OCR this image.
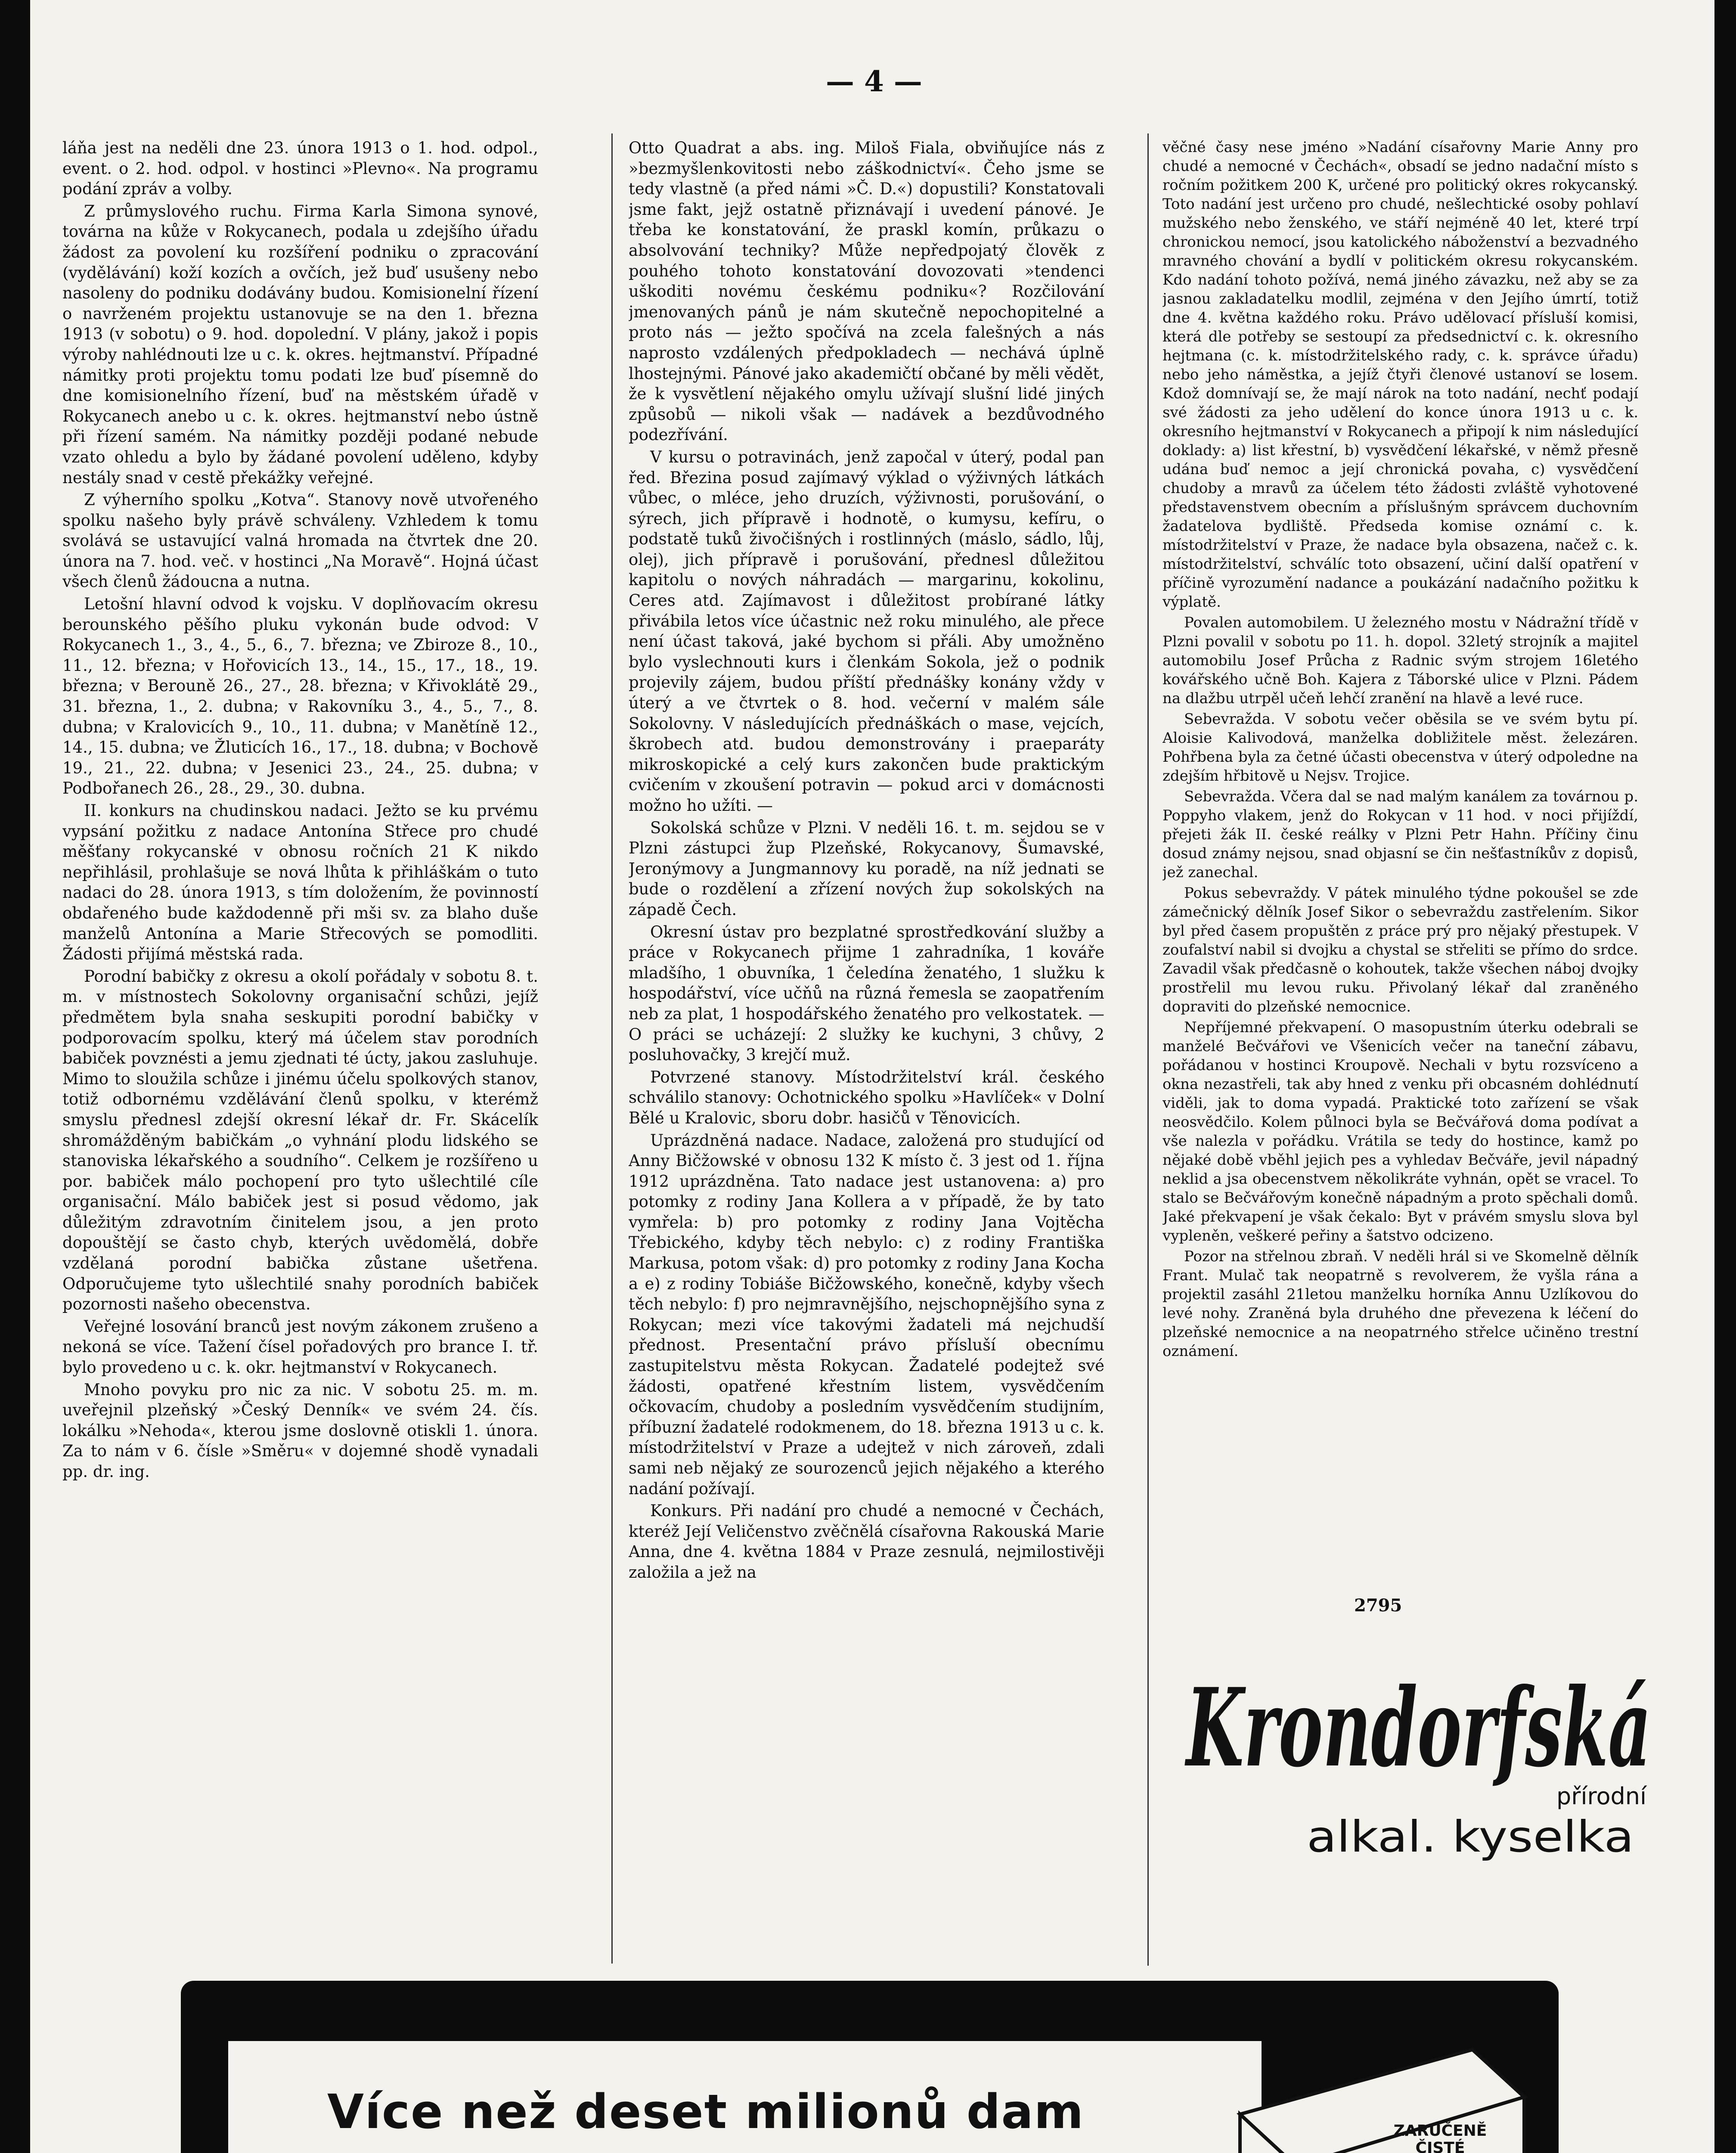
— 4 —

láňa jest na neděli dne 23. února 1913 o 1. hod. odpol., event. o 2. hod. odpol. v hostinci »Plevno«. Na programu podání zpráv a volby.

Z průmyslového ruchu. Firma Karla Simona synové, továrna na kůže v Rokycanech, podala u zdejšího úřadu žádost za povolení ku rozšíření podniku o zpracování (vydělávání) koží kozích a ovčích, jež buď usušeny nebo nasoleny do podniku dodávány budou. Komisionelní řízení o navrženém projektu ustanovuje se na den 1. března 1913 (v sobotu) o 9. hod. dopolední. V plány, jakož i popis výroby nahlédnouti lze u c. k. okres. hejtmanství. Případné námitky proti projektu tomu podati lze buď písemně do dne komisionelního řízení, buď na městském úřadě v Rokycanech anebo u c. k. okres. hejtmanství nebo ústně při řízení samém. Na námitky později podané nebude vzato ohledu a bylo by žádané povolení uděleno, kdyby nestály snad v cestě překážky veřejné.

Z výherního spolku „Kotva“. Stanovy nově utvořeného spolku našeho byly právě schváleny. Vzhledem k tomu svolává se ustavující valná hromada na čtvrtek dne 20. února na 7. hod. več. v hostinci „Na Moravě“. Hojná účast všech členů žádoucna a nutna.

Letošní hlavní odvod k vojsku. V doplňovacím okresu berounského pěšího pluku vykonán bude odvod: V Rokycanech 1., 3., 4., 5., 6., 7. března; ve Zbiroze 8., 10., 11., 12. března; v Hořovicích 13., 14., 15., 17., 18., 19. března; v Berouně 26., 27., 28. března; v Křivoklátě 29., 31. března, 1., 2. dubna; v Rakovníku 3., 4., 5., 7., 8. dubna; v Kralovicích 9., 10., 11. dubna; v Manětíně 12., 14., 15. dubna; ve Žluticích 16., 17., 18. dubna; v Bochově 19., 21., 22. dubna; v Jesenici 23., 24., 25. dubna; v Podbořanech 26., 28., 29., 30. dubna.

II. konkurs na chudinskou nadaci. Ježto se ku prvému vypsání požitku z nadace Antonína Střece pro chudé měšťany rokycanské v obnosu ročních 21 K nikdo nepřihlásil, prohlašuje se nová lhůta k přihláškám o tuto nadaci do 28. února 1913, s tím doložením, že povinností obdařeného bude každodenně při mši sv. za blaho duše manželů Antonína a Marie Střecových se pomodliti. Žádosti přijímá městská rada.

Porodní babičky z okresu a okolí pořádaly v sobotu 8. t. m. v místnostech Sokolovny organisační schůzi, jejíž předmětem byla snaha seskupiti porodní babičky v podporovacím spolku, který má účelem stav porodních babiček povznésti a jemu zjednati té úcty, jakou zasluhuje. Mimo to sloužila schůze i jinému účelu spolkových stanov, totiž odbornému vzdělávání členů spolku, v kterémž smyslu přednesl zdejší okresní lékař dr. Fr. Skácelík shromážděným babičkám „o vyhnání plodu lidského se stanoviska lékařského a soudního“. Celkem je rozšířeno u por. babiček málo pochopení pro tyto ušlechtilé cíle organisační. Málo babiček jest si posud vědomo, jak důležitým zdravotním činitelem jsou, a jen proto dopouštějí se často chyb, kterých uvědomělá, dobře vzdělaná porodní babička zůstane ušetřena. Odporučujeme tyto ušlechtilé snahy porodních babiček pozornosti našeho obecenstva.

Veřejné losování branců jest novým zákonem zrušeno a nekoná se více. Tažení čísel pořadových pro brance I. tř. bylo provedeno u c. k. okr. hejtmanství v Rokycanech.

Mnoho povyku pro nic za nic. V sobotu 25. m. m. uveřejnil plzeňský »Český Denník« ve svém 24. čís. lokálku »Nehoda«, kterou jsme doslovně otiskli 1. února. Za to nám v 6. čísle »Směru« v dojemné shodě vynadali pp. dr. ing.

Otto Quadrat a abs. ing. Miloš Fiala, obviňujíce nás z »bezmyšlenkovitosti nebo záškodnictví«. Čeho jsme se tedy vlastně (a před námi »Č. D.«) dopustili? Konstatovali jsme fakt, jejž ostatně přiznávají i uvedení pánové. Je třeba ke konstatování, že praskl komín, průkazu o absolvování techniky? Může nepředpojatý člověk z pouhého tohoto konstatování dovozovati »tendenci uškoditi novému českému podniku«? Rozčilování jmenovaných pánů je nám skutečně nepochopitelné a proto nás — ježto spočívá na zcela falešných a nás naprosto vzdálených předpokladech — nechává úplně lhostejnými. Pánové jako akademičtí občané by měli vědět, že k vysvětlení nějakého omylu užívají slušní lidé jiných způsobů — nikoli však — nadávek a bezdůvodného podezřívání.

V kursu o potravinách, jenž započal v úterý, podal pan řed. Březina posud zajímavý výklad o výživných látkách vůbec, o mléce, jeho druzích, výživnosti, porušování, o sýrech, jich přípravě i hodnotě, o kumysu, kefíru, o podstatě tuků živočišných i rostlinných (máslo, sádlo, lůj, olej), jich přípravě i porušování, přednesl důležitou kapitolu o nových náhradách — margarinu, kokolinu, Ceres atd. Zajímavost i důležitost probírané látky přivábila letos více účastnic než roku minulého, ale přece není účast taková, jaké bychom si přáli. Aby umožněno bylo vyslechnouti kurs i členkám Sokola, jež o podnik projevily zájem, budou příští přednášky konány vždy v úterý a ve čtvrtek o 8. hod. večerní v malém sále Sokolovny. V následujících přednáškách o mase, vejcích, škrobech atd. budou demonstrovány i praeparáty mikroskopické a celý kurs zakončen bude praktickým cvičením v zkoušení potravin — pokud arci v domácnosti možno ho užíti. —

Sokolská schůze v Plzni. V neděli 16. t. m. sejdou se v Plzni zástupci žup Plzeňské, Rokycanovy, Šumavské, Jeronýmovy a Jungmannovy ku poradě, na níž jednati se bude o rozdělení a zřízení nových žup sokolských na západě Čech.

Okresní ústav pro bezplatné sprostředkování služby a práce v Rokycanech přijme 1 zahradníka, 1 kováře mladšího, 1 obuvníka, 1 čeledína ženatého, 1 služku k hospodářství, více učňů na různá řemesla se zaopatřením neb za plat, 1 hospodářského ženatého pro velkostatek. — O práci se ucházejí: 2 služky ke kuchyni, 3 chůvy, 2 posluhovačky, 3 krejčí muž.

Potvrzené stanovy. Místodržitelství král. českého schválilo stanovy: Ochotnického spolku »Havlíček« v Dolní Bělé u Kralovic, sboru dobr. hasičů v Těnovicích.

Uprázdněná nadace. Nadace, založená pro studující od Anny Bičžowské v obnosu 132 K místo č. 3 jest od 1. října 1912 uprázdněna. Tato nadace jest ustanovena: a) pro potomky z rodiny Jana Kollera a v případě, že by tato vymřela: b) pro potomky z rodiny Jana Vojtěcha Třebického, kdyby těch nebylo: c) z rodiny Františka Markusa, potom však: d) pro potomky z rodiny Jana Kocha a e) z rodiny Tobiáše Bičžowského, konečně, kdyby všech těch nebylo: f) pro nejmravnějšího, nejschopnějšího syna z Rokycan; mezi více takovými žadateli má nejchudší přednost. Presentační právo přísluší obecnímu zastupitelstvu města Rokycan. Žadatelé podejtež své žádosti, opatřené křestním listem, vysvědčením očkovacím, chudoby a posledním vysvědčením studijním, příbuzní žadatelé rodokmenem, do 18. března 1913 u c. k. místodržitelství v Praze a udejtež v nich zároveň, zdali sami neb nějaký ze sourozenců jejich nějakého a kterého nadání požívají.

Konkurs. Při nadání pro chudé a nemocné v Čechách, kteréž Její Veličenstvo zvěčnělá císařovna Rakouská Marie Anna, dne 4. května 1884 v Praze zesnulá, nejmilostivěji založila a jež na

věčné časy nese jméno »Nadání císařovny Marie Anny pro chudé a nemocné v Čechách«, obsadí se jedno nadační místo s ročním požitkem 200 K, určené pro politický okres rokycanský. Toto nadání jest určeno pro chudé, nešlechtické osoby pohlaví mužského nebo ženského, ve stáří nejméně 40 let, které trpí chronickou nemocí, jsou katolického náboženství a bezvadného mravného chování a bydlí v politickém okresu rokycanském. Kdo nadání tohoto požívá, nemá jiného závazku, než aby se za jasnou zakladatelku modlil, zejména v den Jejího úmrtí, totiž dne 4. května každého roku. Právo udělovací přísluší komisi, která dle potřeby se sestoupí za předsednictví c. k. okresního hejtmana (c. k. místodržitelského rady, c. k. správce úřadu) nebo jeho náměstka, a jejíž čtyři členové ustanoví se losem. Kdož domnívají se, že mají nárok na toto nadání, nechť podají své žádosti za jeho udělení do konce února 1913 u c. k. okresního hejtmanství v Rokycanech a připojí k nim následující doklady: a) list křestní, b) vysvědčení lékařské, v němž přesně udána buď nemoc a její chronická povaha, c) vysvědčení chudoby a mravů za účelem této žádosti zvláště vyhotovené představenstvem obecním a příslušným správcem duchovním žadatelova bydliště. Předseda komise oznámí c. k. místodržitelství v Praze, že nadace byla obsazena, načež c. k. místodržitelství, schválíc toto obsazení, učiní další opatření v příčině vyrozumění nadance a poukázání nadačního požitku k výplatě.

Povalen automobilem. U železného mostu v Nádražní třídě v Plzni povalil v sobotu po 11. h. dopol. 32letý strojník a majitel automobilu Josef Průcha z Radnic svým strojem 16letého kovářského učně Boh. Kajera z Táborské ulice v Plzni. Pádem na dlažbu utrpěl učeň lehčí zranění na hlavě a levé ruce.

Sebevražda. V sobotu večer oběsila se ve svém bytu pí. Aloisie Kalivodová, manželka dobližitele měst. železáren. Pohřbena byla za četné účasti obecenstva v úterý odpoledne na zdejším hřbitově u Nejsv. Trojice.

Sebevražda. Včera dal se nad malým kanálem za továrnou p. Poppyho vlakem, jenž do Rokycan v 11 hod. v noci přijíždí, přejeti žák II. české reálky v Plzni Petr Hahn. Příčiny činu dosud známy nejsou, snad objasní se čin nešťastníkův z dopisů, jež zanechal.

Pokus sebevraždy. V pátek minulého týdne pokoušel se zde zámečnický dělník Josef Sikor o sebevraždu zastřelením. Sikor byl před časem propuštěn z práce prý pro nějaký přestupek. V zoufalství nabil si dvojku a chystal se střeliti se přímo do srdce. Zavadil však předčasně o kohoutek, takže všechen náboj dvojky prostřelil mu levou ruku. Přivolaný lékař dal zraněného dopraviti do plzeňské nemocnice.

Nepříjemné překvapení. O masopustním úterku odebrali se manželé Bečvářovi ve Všenicích večer na taneční zábavu, pořádanou v hostinci Kroupově. Nechali v bytu rozsvíceno a okna nezastřeli, tak aby hned z venku při obcasném dohlédnutí viděli, jak to doma vypadá. Praktické toto zařízení se však neosvědčilo. Kolem půlnoci byla se Bečvářová doma podívat a vše nalezla v pořádku. Vrátila se tedy do hostince, kamž po nějaké době vběhl jejich pes a vyhledav Bečváře, jevil nápadný neklid a jsa obecenstvem několikráte vyhnán, opět se vracel. To stalo se Bečvářovým konečně nápadným a proto spěchali domů. Jaké překvapení je však čekalo: Byt v právém smyslu slova byl vypleněn, veškeré peřiny a šatstvo odcizeno.

Pozor na střelnou zbraň. V neděli hrál si ve Skomelně dělník Frant. Mulač tak neopatrně s revolverem, že vyšla rána a projektil zasáhl 21letou manželku horníka Annu Uzlíkovou do levé nohy. Zraněná byla druhého dne převezena k léčení do plzeňské nemocnice a na neopatrného střelce učiněno trestní oznámení.

2795
Krondorfská
přírodní
alkal. kyselka
Více než deset milionů dam	ZARUČENĚ
ČISTÉ
